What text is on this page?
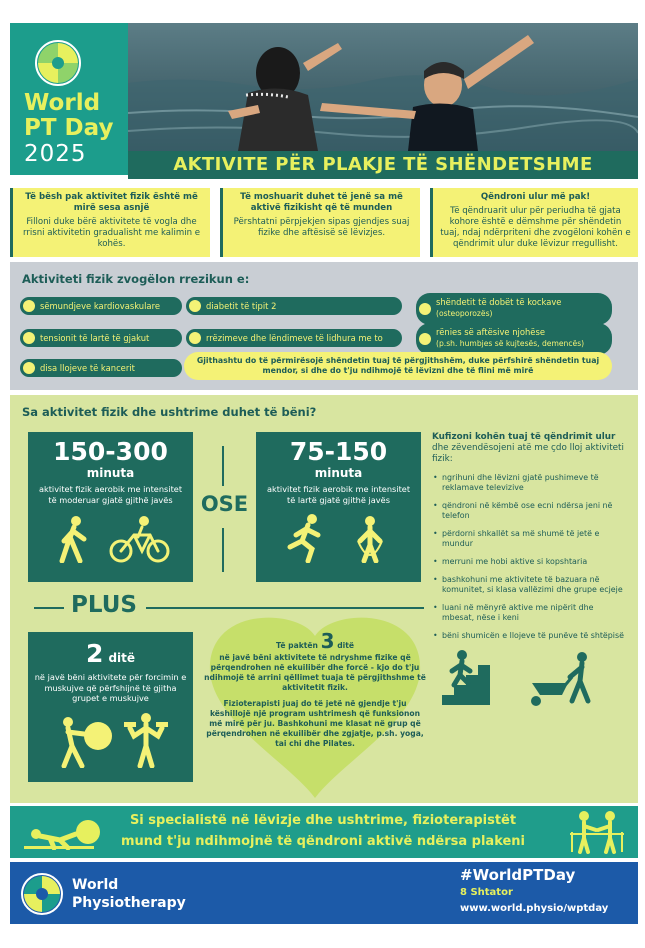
World
PT Day
2025	AKTIVITE PËR PLAKJE TË SHËNDETSHME
Të bësh pak aktivitet fizik është më mirë sesa asnjë
Filloni duke bërë aktivitete të vogla dhe rrisni aktivitetin gradualisht me kalimin e kohës.
Të moshuarit duhet të jenë sa më aktivë fizikisht që të munden
Përshtatni përpjekjen sipas gjendjes suaj fizike dhe aftësisë së lëvizjes.
Qëndroni ulur më pak!
Të qëndruarit ulur për periudha të gjata kohore është e dëmshme për shëndetin tuaj, ndaj ndërpriteni dhe zvogëloni kohën e qëndrimit ulur duke lëvizur rregullisht.
Aktiviteti fizik zvogëlon rrezikun e:
sëmundjeve kardiovaskulare
tensionit të lartë të gjakut
disa llojeve të kancerit
diabetit të tipit 2
rrëzimeve dhe lëndimeve të lidhura me to
shëndetit të dobët të kockave
(osteoporozës)
rënies së aftësive njohëse
(p.sh. humbjes së kujtesës, demencës)
Gjithashtu do të përmirësojë shëndetin tuaj të përgjithshëm, duke përfshirë shëndetin tuaj mendor, si dhe do t'ju ndihmojë të lëvizni dhe të flini më mirë
Sa aktivitet fizik dhe ushtrime duhet të bëni?
150-300
minuta
aktivitet fizik aerobik me intensitet të moderuar gjatë gjithë javës	OSE
75-150
minuta
aktivitet fizik aerobik me intensitet të lartë gjatë gjithë javës
PLUS
2 ditë
në javë bëni aktivitete për forcimin e muskujve që përfshijnë të gjitha grupet e muskujve
Të paktën 3 ditë
në javë bëni aktivitete të ndryshme fizike që përqendrohen në ekuilibër dhe forcë - kjo do t'ju ndihmojë të arrini qëllimet tuaja të përgjithshme të aktivitetit fizik.
Fizioterapisti juaj do të jetë në gjendje t'ju këshillojë një program ushtrimesh që funksionon më mirë për ju. Bashkohuni me klasat në grup që përqendrohen në ekuilibër dhe zgjatje, p.sh. yoga, tai chi dhe Pilates.
Kufizoni kohën tuaj të qëndrimit ulur dhe zëvendësojeni atë me çdo lloj aktiviteti fizik:
• ngrihuni dhe lëvizni gjatë pushimeve të reklamave televizive
• qëndroni në këmbë ose ecni ndërsa jeni në telefon
• përdorni shkallët sa më shumë të jetë e mundur
• merruni me hobi aktive si kopshtaria
• bashkohuni me aktivitete të bazuara në komunitet, si klasa vallëzimi dhe grupe ecjeje
• luani në mënyrë aktive me nipërit dhe mbesat, nëse i keni
• bëni shumicën e llojeve të punëve të shtëpisë
Si specialistë në lëvizje dhe ushtrime, fizioterapistët mund t'ju ndihmojnë të qëndroni aktivë ndërsa plakeni
World
Physiotherapy
#WorldPTDay
8 Shtator
www.world.physio/wptday
